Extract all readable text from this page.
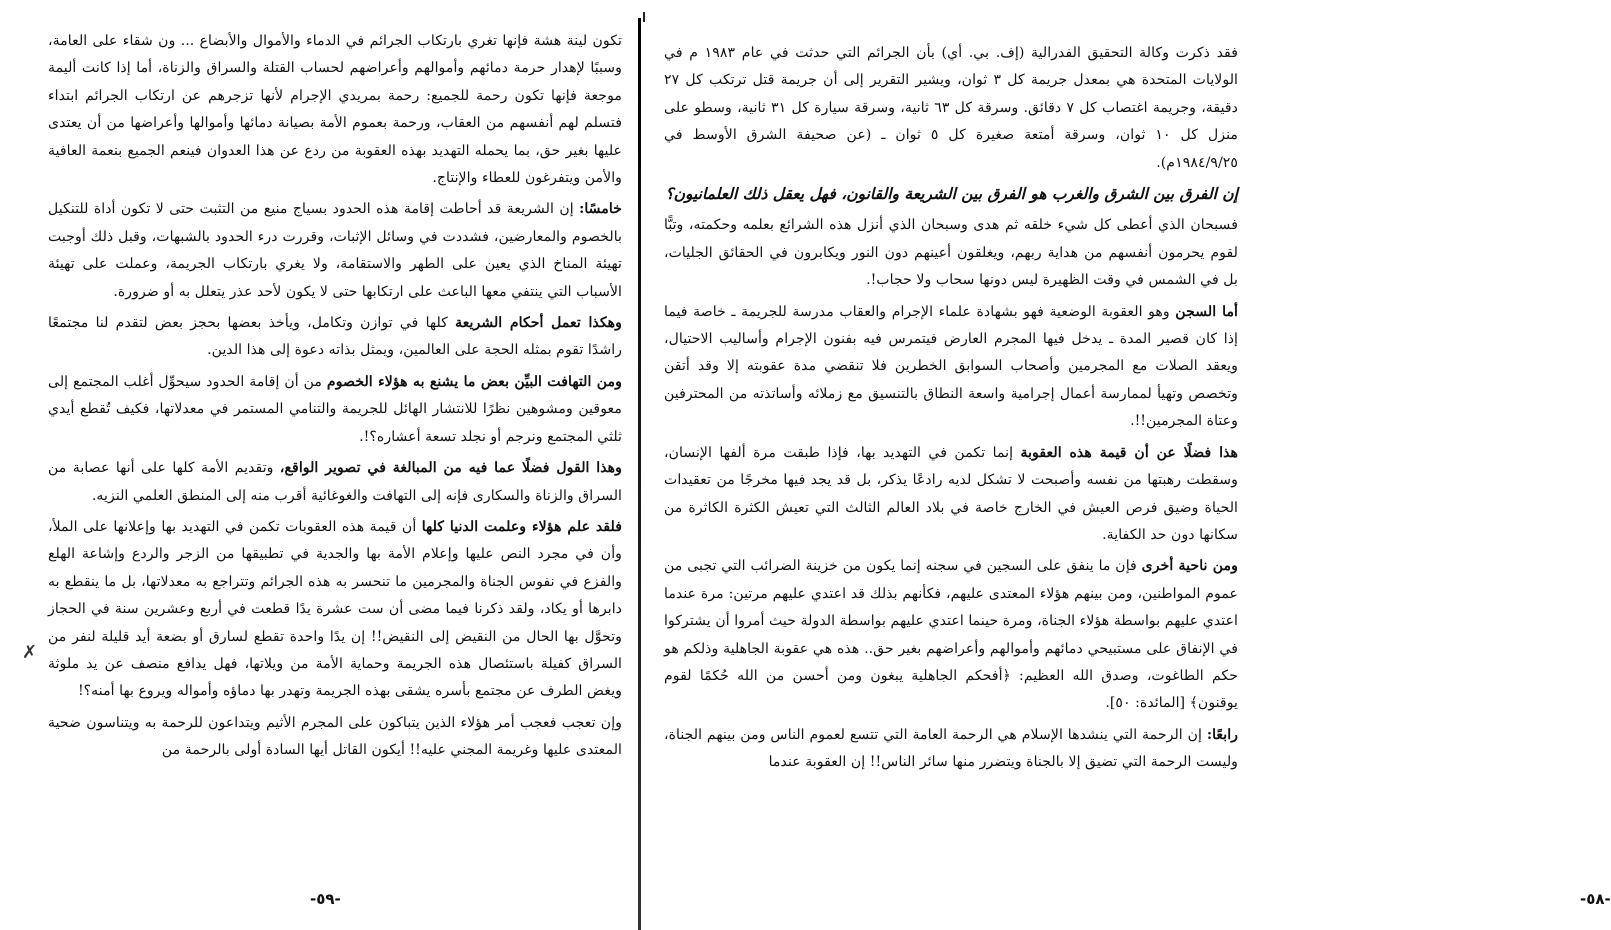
تكون لينة هشة فإنها تغري بارتكاب الجرائم في الدماء والأموال والأبضاع ... ون شقاء على العامة، وسببًا لإهدار حرمة دمائهم وأموالهم وأعراضهم لحساب القتلة والسراق والزناة، أما إذا كانت أليمة موجعة فإنها تكون رحمة للجميع: رحمة بمريدي الإجرام لأنها تزجرهم عن ارتكاب الجرائم ابتداء فتسلم لهم أنفسهم من العقاب، ورحمة بعموم الأمة بصيانة دمائها وأموالها وأعراضها من أن يعتدى عليها بغير حق، بما يحمله التهديد بهذه العقوبة من ردع عن هذا العدوان فينعم الجميع بنعمة العافية والأمن ويتفرغون للعطاء والإنتاج.

خامسًا: إن الشريعة قد أحاطت إقامة هذه الحدود بسياج منيع من التثبت حتى لا تكون أداة للتنكيل بالخصوم والمعارضين، فشددت في وسائل الإثبات، وقررت درء الحدود بالشبهات، وقبل ذلك أوجبت تهيئة المناخ الذي يعين على الطهر والاستقامة، ولا يغري بارتكاب الجريمة، وعملت على تهيئة الأسباب التي ينتفي معها الباعث على ارتكابها حتى لا يكون لأحد عذر يتعلل به أو ضرورة.

وهكذا تعمل أحكام الشريعة كلها في توازن وتكامل، ويأخذ بعضها بحجز بعض لتقدم لنا مجتمعًا راشدًا تقوم بمثله الحجة على العالمين، ويمثل بذاته دعوة إلى هذا الدين.

ومن التهافت البيِّن بعض ما يشنع به هؤلاء الخصوم من أن إقامة الحدود سيحوِّل أغلب المجتمع إلى معوقين ومشوهين نظرًا للانتشار الهائل للجريمة والتنامي المستمر في معدلاتها، فكيف تُقطع أيدي ثلثي المجتمع ونرجم أو نجلد تسعة أعشاره؟!.

وهذا القول فضلًا عما فيه من المبالغة في تصوير الواقع، وتقديم الأمة كلها على أنها عصابة من السراق والزناة والسكارى فإنه إلى التهافت والغوغائية أقرب منه إلى المنطق العلمي النزيه.

فلقد علم هؤلاء وعلمت الدنيا كلها أن قيمة هذه العقوبات تكمن في التهديد بها وإعلانها على الملأ، وأن في مجرد النص عليها وإعلام الأمة بها والجدية في تطبيقها من الزجر والردع وإشاعة الهلع والفزع في نفوس الجناة والمجرمين ما تنحسر به هذه الجرائم وتتراجع به معدلاتها، بل ما ينقطع به دابرها أو يكاد، ولقد ذكرنا فيما مضى أن ست عشرة يدًا قطعت في أربع وعشرين سنة في الحجاز وتحوَّل بها الحال من النقيض إلى النقيض!! إن يدًا واحدة تقطع لسارق أو بضعة أيد قليلة لنفر من السراق كفيلة باستئصال هذه الجريمة وحماية الأمة من ويلاتها، فهل يدافع منصف عن يد ملوثة ويغض الطرف عن مجتمع بأسره يشقى بهذه الجريمة وتهدر بها دماؤه وأمواله ويروع بها أمنه؟!

وإن تعجب فعجب أمر هؤلاء الذين يتباكون على المجرم الأثيم ويتداعون للرحمة به ويتناسون ضحية المعتدى عليها وغريمة المجني عليه!! أيكون القاتل أيها السادة أولى بالرحمة من

-٥٩-
✗

فقد ذكرت وكالة التحقيق الفدرالية (إف. بي. أي) بأن الجرائم التي حدثت في عام ١٩٨٣ م في الولايات المتحدة هي بمعدل جريمة كل ٣ ثوان، ويشير التقرير إلى أن جريمة قتل ترتكب كل ٢٧ دقيقة، وجريمة اغتصاب كل ٧ دقائق. وسرقة كل ٦٣ ثانية، وسرقة سيارة كل ٣١ ثانية، وسطو على منزل كل ١٠ ثوان، وسرقة أمتعة صغيرة كل ٥ ثوان ـ (عن صحيفة الشرق الأوسط في ١٩٨٤/٩/٢٥م).

إن الفرق بين الشرق والغرب هو الفرق بين الشريعة والقانون، فهل يعقل ذلك العلمانيون؟

فسبحان الذي أعطى كل شيء خلقه ثم هدى وسبحان الذي أنزل هذه الشرائع بعلمه وحكمته، وتبًّا لقوم يحرمون أنفسهم من هداية ربهم، ويغلقون أعينهم دون النور ويكابرون في الحقائق الجليات، بل في الشمس في وقت الظهيرة ليس دونها سحاب ولا حجاب!.

أما السجن وهو العقوبة الوضعية فهو بشهادة علماء الإجرام والعقاب مدرسة للجريمة ـ خاصة فيما إذا كان قصير المدة ـ يدخل فيها المجرم العارض فيتمرس فيه بفنون الإجرام وأساليب الاحتيال، ويعقد الصلات مع المجرمين وأصحاب السوابق الخطرين فلا تنقضي مدة عقوبته إلا وقد أتقن وتخصص وتهيأ لممارسة أعمال إجرامية واسعة النطاق بالتنسيق مع زملائه وأساتذته من المحترفين وعتاة المجرمين!!.

هذا فضلًا عن أن قيمة هذه العقوبة إنما تكمن في التهديد بها، فإذا طبقت مرة ألفها الإنسان، وسقطت رهبتها من نفسه وأصبحت لا تشكل لديه رادعًا يذكر، بل قد يجد فيها مخرجًا من تعقيدات الحياة وضيق فرص العيش في الخارج خاصة في بلاد العالم الثالث التي تعيش الكثرة الكاثرة من سكانها دون حد الكفاية.

ومن ناحية أخرى فإن ما ينفق على السجين في سجنه إنما يكون من خزينة الضرائب التي تجبى من عموم المواطنين، ومن بينهم هؤلاء المعتدى عليهم، فكأنهم بذلك قد اعتدي عليهم مرتين: مرة عندما اعتدي عليهم بواسطة هؤلاء الجناة، ومرة حينما اعتدي عليهم بواسطة الدولة حيث أمروا أن يشتركوا في الإنفاق على مستبيحي دمائهم وأموالهم وأعراضهم بغير حق.. هذه هي عقوبة الجاهلية وذلكم هو حكم الطاغوت، وصدق الله العظيم: ﴿أفحكم الجاهلية يبغون ومن أحسن من الله حُكمًا لقوم يوقنون﴾ [المائدة: ٥٠].

رابعًا: إن الرحمة التي ينشدها الإسلام هي الرحمة العامة التي تتسع لعموم الناس ومن بينهم الجناة، وليست الرحمة التي تضيق إلا بالجناة ويتضرر منها سائر الناس!! إن العقوبة عندما

-٥٨-
